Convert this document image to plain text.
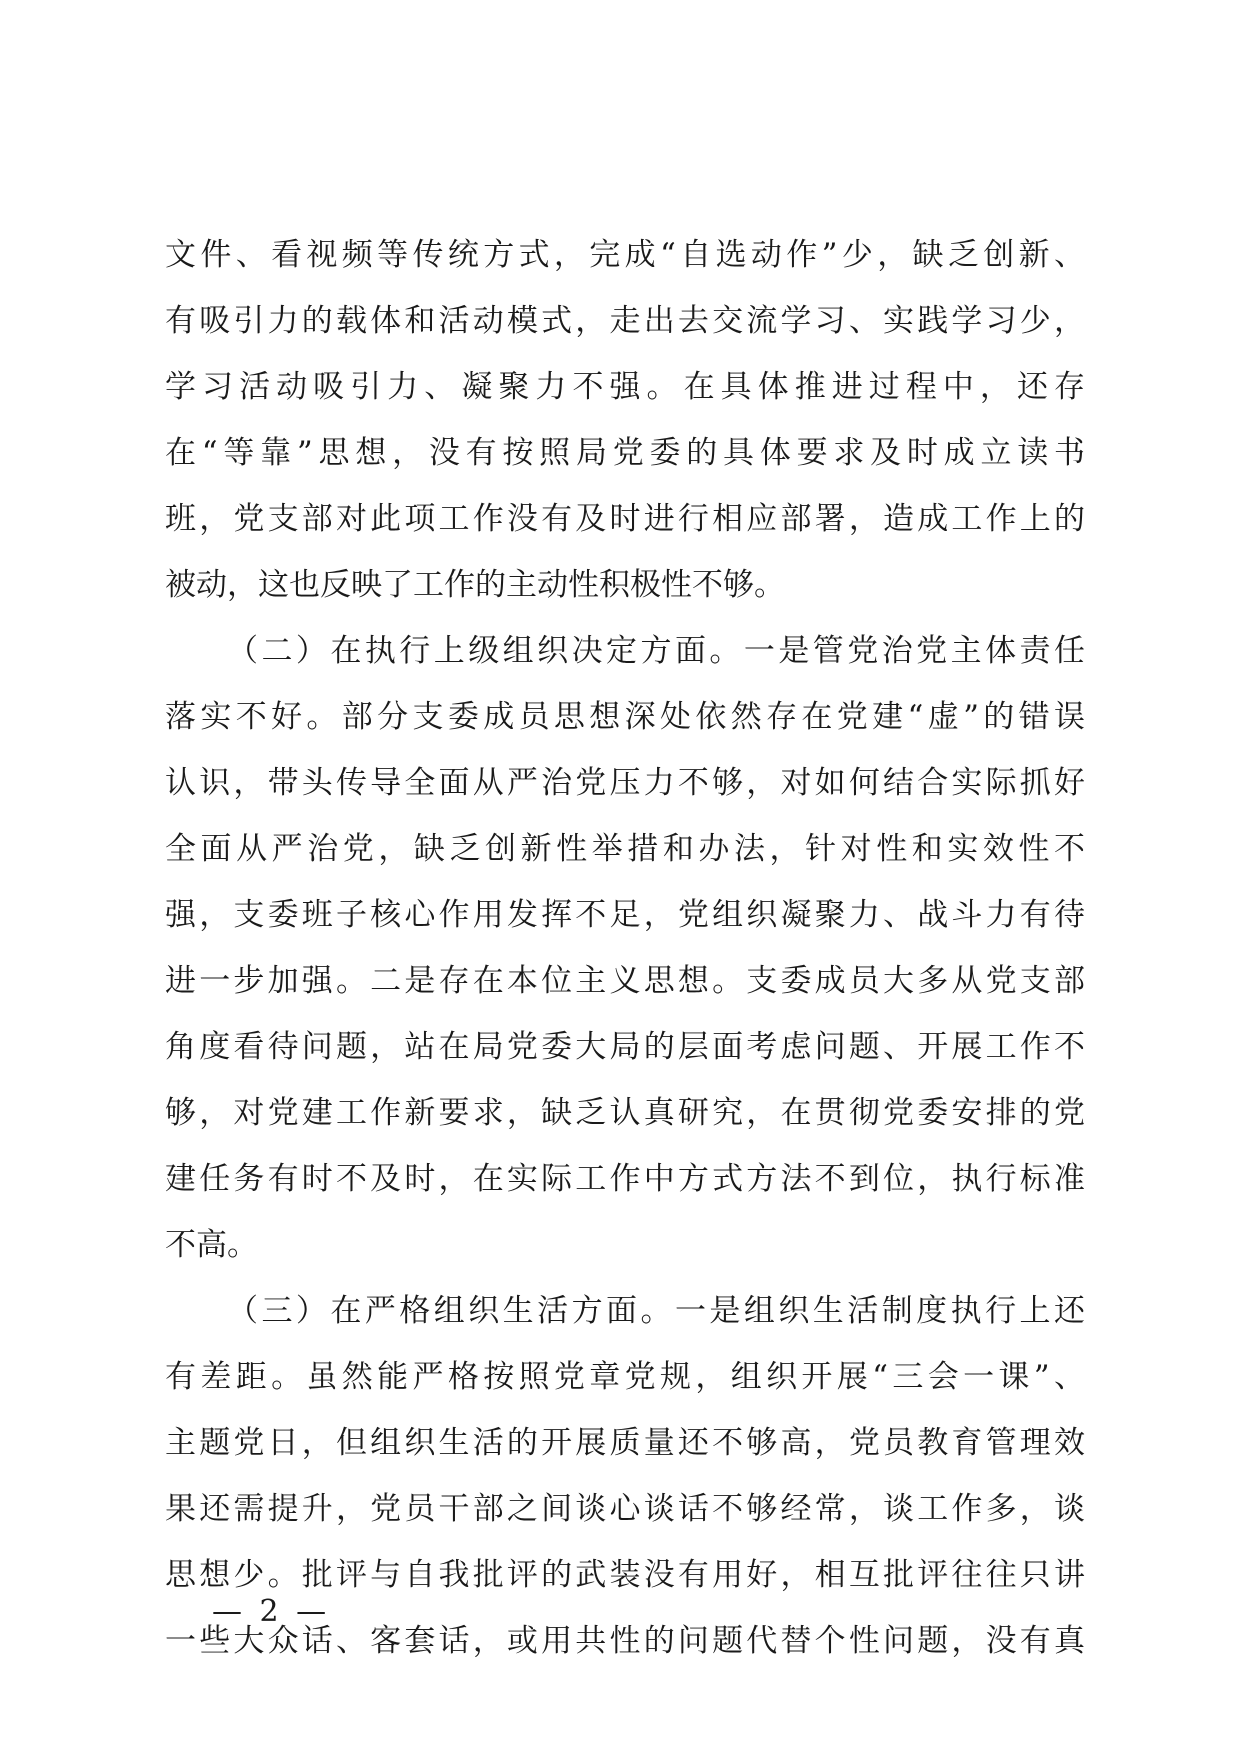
文件、看视频等传统方式，完成“自选动作”少，缺乏创新、
有吸引力的载体和活动模式，走出去交流学习、实践学习少，
学习活动吸引力、凝聚力不强。在具体推进过程中，还存
在“等靠”思想，没有按照局党委的具体要求及时成立读书
班，党支部对此项工作没有及时进行相应部署，造成工作上的
被动，这也反映了工作的主动性积极性不够。
（二）在执行上级组织决定方面。一是管党治党主体责任
落实不好。部分支委成员思想深处依然存在党建“虚”的错误
认识，带头传导全面从严治党压力不够，对如何结合实际抓好
全面从严治党，缺乏创新性举措和办法，针对性和实效性不
强，支委班子核心作用发挥不足，党组织凝聚力、战斗力有待
进一步加强。二是存在本位主义思想。支委成员大多从党支部
角度看待问题，站在局党委大局的层面考虑问题、开展工作不
够，对党建工作新要求，缺乏认真研究，在贯彻党委安排的党
建任务有时不及时，在实际工作中方式方法不到位，执行标准
不高。
（三）在严格组织生活方面。一是组织生活制度执行上还
有差距。虽然能严格按照党章党规，组织开展“三会一课”、
主题党日，但组织生活的开展质量还不够高，党员教育管理效
果还需提升，党员干部之间谈心谈话不够经常，谈工作多，谈
思想少。批评与自我批评的武装没有用好，相互批评往往只讲
一些大众话、客套话，或用共性的问题代替个性问题，没有真
— 2 —
